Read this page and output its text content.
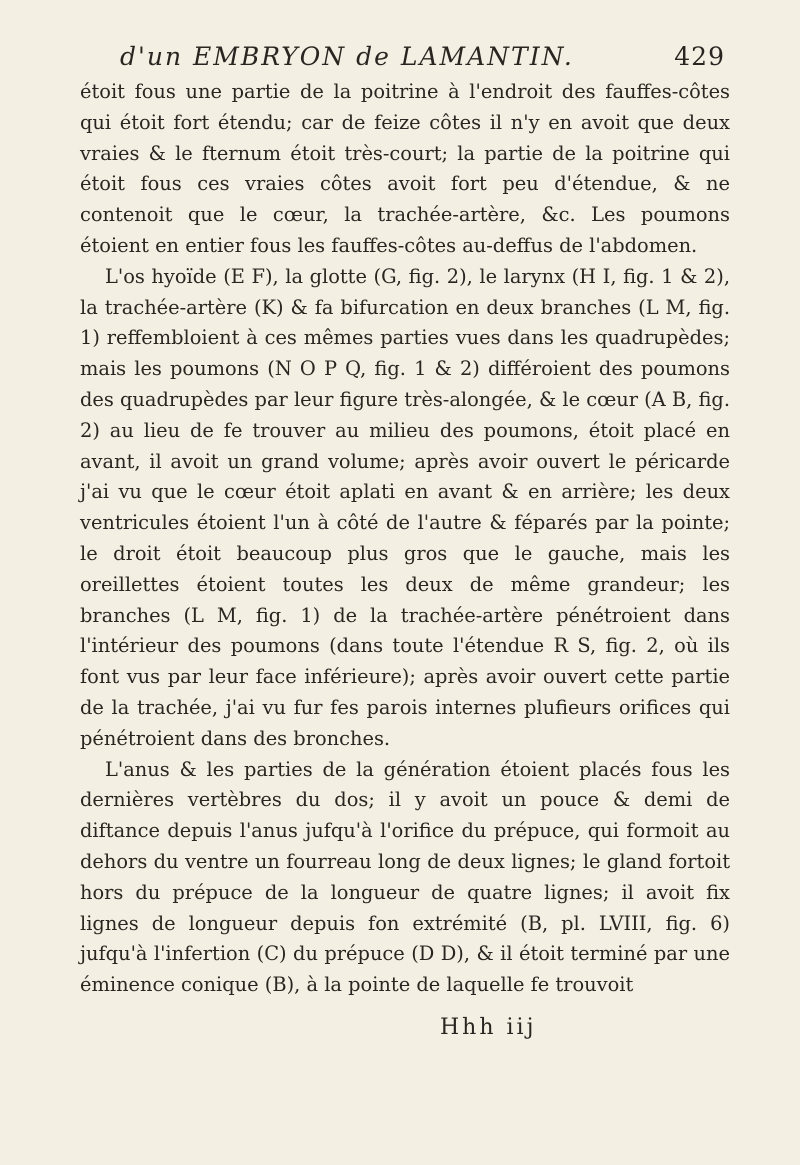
d'un EMBRYON de LAMANTIN.	429

étoit fous une partie de la poitrine à l'endroit des fauffes-côtes qui étoit fort étendu; car de feize côtes il n'y en avoit que deux vraies & le fternum étoit très-court; la partie de la poitrine qui étoit fous ces vraies côtes avoit fort peu d'étendue, & ne contenoit que le cœur, la trachée-artère, &c. Les poumons étoient en entier fous les fauffes-côtes au-deffus de l'abdomen.

L'os hyoïde (E F), la glotte (G, fig. 2), le larynx (H I, fig. 1 & 2), la trachée-artère (K) & fa bifurcation en deux branches (L M, fig. 1) reffembloient à ces mêmes parties vues dans les quadrupèdes; mais les poumons (N O P Q, fig. 1 & 2) différoient des poumons des quadrupèdes par leur figure très-alongée, & le cœur (A B, fig. 2) au lieu de fe trouver au milieu des poumons, étoit placé en avant, il avoit un grand volume; après avoir ouvert le péricarde j'ai vu que le cœur étoit aplati en avant & en arrière; les deux ventricules étoient l'un à côté de l'autre & féparés par la pointe; le droit étoit beaucoup plus gros que le gauche, mais les oreillettes étoient toutes les deux de même grandeur; les branches (L M, fig. 1) de la trachée-artère pénétroient dans l'intérieur des poumons (dans toute l'étendue R S, fig. 2, où ils font vus par leur face inférieure); après avoir ouvert cette partie de la trachée, j'ai vu fur fes parois internes plufieurs orifices qui pénétroient dans des bronches.

L'anus & les parties de la génération étoient placés fous les dernières vertèbres du dos; il y avoit un pouce & demi de diftance depuis l'anus jufqu'à l'orifice du prépuce, qui formoit au dehors du ventre un fourreau long de deux lignes; le gland fortoit hors du prépuce de la longueur de quatre lignes; il avoit fix lignes de longueur depuis fon extrémité (B, pl. LVIII, fig. 6) jufqu'à l'infertion (C) du prépuce (D D), & il étoit terminé par une éminence conique (B), à la pointe de laquelle fe trouvoit

Hhh iij
